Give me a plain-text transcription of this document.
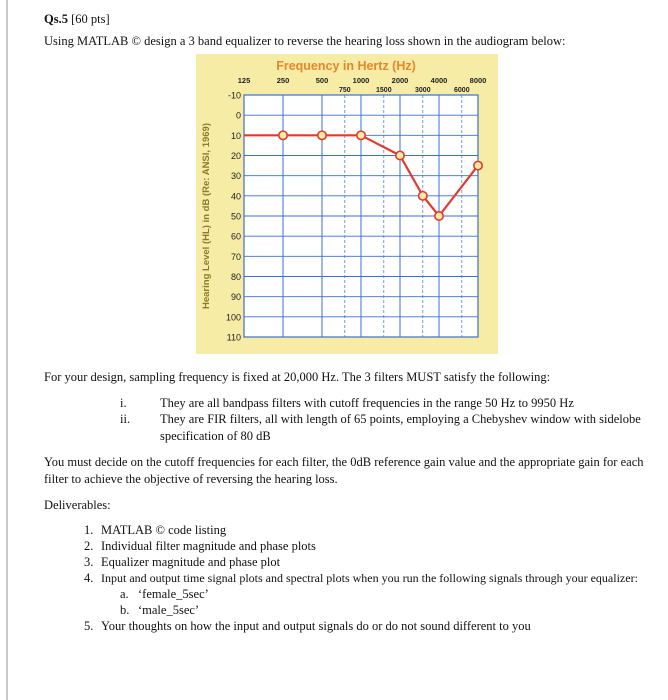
Qs.5 [60 pts]
Using MATLAB © design a 3 band equalizer to reverse the hearing loss shown in the audiogram below:
Frequency in Hertz (Hz)
125	250	500	1000	2000	4000	8000
750	1500	3000	6000
-10
0
10
20
30
40
50
60
70
80
90
100
110
Hearing Level (HL) in dB (Re: ANSI, 1969)
For your design, sampling frequency is fixed at 20,000 Hz. The 3 filters MUST satisfy the following:
i.	They are all bandpass filters with cutoff frequencies in the range 50 Hz to 9950 Hz
ii. They are FIR filters, all with length of 65 points, employing a Chebyshev window with sidelobe
specification of 80 dB
You must decide on the cutoff frequencies for each filter, the 0dB reference gain value and the appropriate gain for each
filter to achieve the objective of reversing the hearing loss.
Deliverables:
1. MATLAB © code listing
2. Individual filter magnitude and phase plots
3. Equalizer magnitude and phase plot
4. Input and output time signal plots and spectral plots when you run the following signals through your equalizer:
a. ‘female_5sec’
b. ‘male_5sec’
5. Your thoughts on how the input and output signals do or do not sound different to you
